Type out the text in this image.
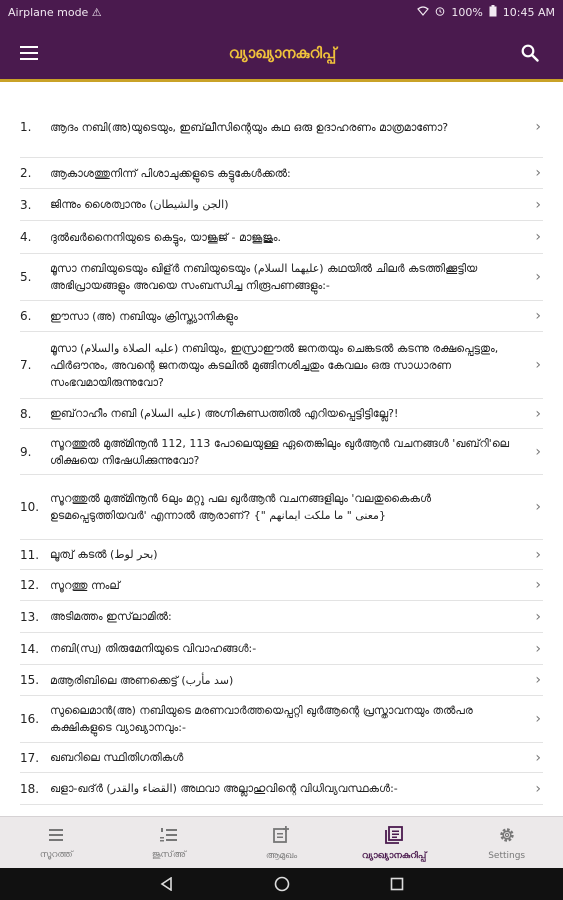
Airplane mode ⚠	100% 10:45 AM
വ്യാഖ്യാനകുറിപ്പ്
1.	ആദം നബി(അ)യുടെയും, ഇബ്‌ലീസിന്റെയും കഥ ഒരു ഉദാഹരണം മാത്രമാണോ?	›
2.	ആകാശത്തുനിന്ന് പിശാചുക്കളുടെ കട്ടുകേൾക്കൽ:	›
3.	ജിന്നും ശൈത്വാനും (الجن والشيطان)	›
4.	ദുൽഖർനൈനിയുടെ കെട്ടും, യാജൂജ് - മാജൂജും.	›
5.
മൂസാ നബിയുടെയും ഖിള്ർ നബിയുടെയും (عليهما السلام) കഥയിൽ ചിലർ കടത്തിക്കൂട്ടിയ അഭിപ്രായങ്ങളും അവയെ സംബന്ധിച്ച നിരൂപണങ്ങളും:-
›
6.	ഈസാ (അ) നബിയും ക്രിസ്ത്യാനികളും	›
7.
മൂസാ (عليه الصلاة والسلام) നബിയും, ഇസ്രാഈൽ ജനതയും ചെങ്കടൽ കടന്നു രക്ഷപ്പെട്ടതും, ഫിർഔനും, അവന്റെ ജനതയും കടലിൽ മുങ്ങിനശിച്ചതും കേവലം ഒരു സാധാരണ സംഭവമായിരുന്നുവോ?
›
8.	ഇബ്‌റാഹീം നബി (عليه السلام) അഗ്നികുണ്ഡത്തിൽ എറിയപ്പെട്ടിട്ടില്ലേ?!	›
9.
സൂറത്തുൽ മുഅ്മിനൂൻ 112, 113 പോലെയുള്ള ഏതെങ്കിലും ഖുർആൻ വചനങ്ങൾ 'ഖബ്‌റി'ലെ ശിക്ഷയെ നിഷേധിക്കുന്നുവോ?
›
10.
സൂറത്തുൽ മുഅ്മിനൂൻ 6ലും മറ്റു പല ഖുർആൻ വചനങ്ങളിലും 'വലതുകൈകൾ ഉടമപ്പെടുത്തിയവർ' എന്നാൽ ആരാണ്? {" معنى " ما ملكت ايمانهم}
›
11. ലൂത്വ് കടൽ (بحر لوط)	›
12. സൂറത്തു ന്നംല്	›
13. അടിമത്തം ഇസ്‌ലാമിൽ:	›
14. നബി(സ്വ) തിരുമേനിയുടെ വിവാഹങ്ങൾ:-	›
15. മആരിബിലെ അണക്കെട്ട് (سد مأرب)	›
16.
സുലൈമാൻ(അ) നബിയുടെ മരണവാർത്തയെപ്പറ്റി ഖുർആന്റെ പ്രസ്താവനയും തൽപര കക്ഷികളുടെ വ്യാഖ്യാനവും:-
›
17. ഖബറിലെ സ്ഥിതിഗതികൾ	›
18. ഖളാ-ഖദ്ർ (القضاء والقدر) അഥവാ അല്ലാഹുവിന്റെ വിധിവ്യവസ്ഥകൾ:-	›
സൂറത്ത്	ജുസ്അ്	ആമുഖം	വ്യാഖ്യാനകുറിപ്പ്	Settings
